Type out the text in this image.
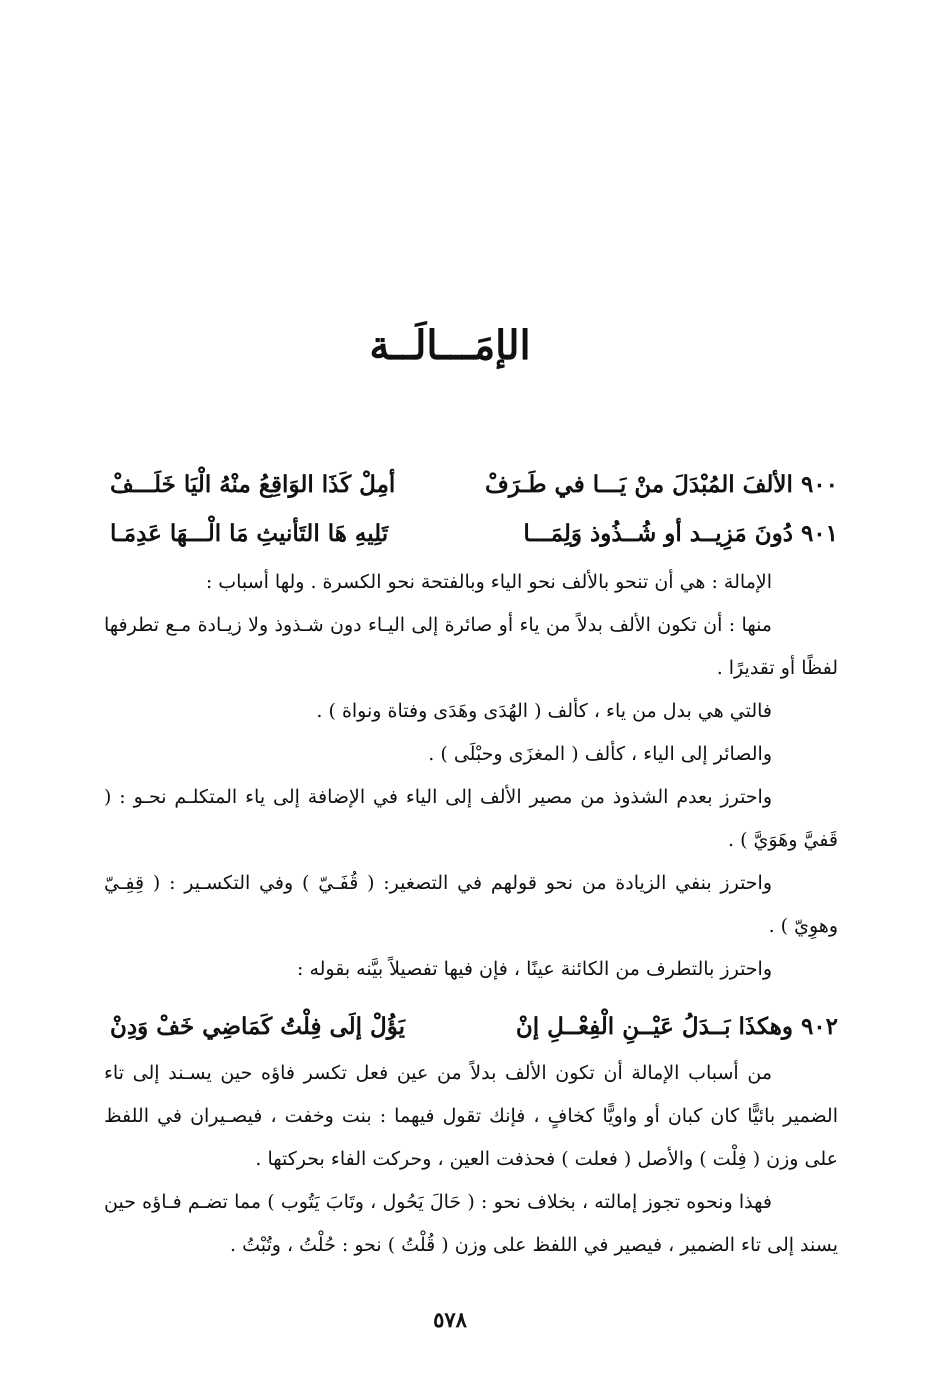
الإمَـــالَــة
٩٠٠
الألفَ المُبْدَلَ منْ يَـــا في طَـرَفْ
أمِلْ كَذَا الوَاقِعُ منْهُ الْيَا خَلَـــفْ
٩٠١
دُونَ مَزِيــد أو شُــذُوذ وَلِمَـــا
تَلِيهِ هَا التَأنيثِ مَا الْـــهَا عَدِمَـا

الإمالة : هي أن تنحو بالألف نحو الياء وبالفتحة نحو الكسرة . ولها أسباب :

منها : أن تكون الألف بدلاً من ياء أو صائرة إلى اليـاء دون شـذوذ ولا زيـادة مـع تطرفها لفظًا أو تقديرًا .

فالتي هي بدل من ياء ، كألف ( الهُدَى وهَدَى وفتاة ونواة ) .

والصائر إلى الياء ، كألف ( المغزَى وحبْلَى ) .

واحترز بعدم الشذوذ من مصير الألف إلى الياء في الإضافة إلى ياء المتكلـم نحـو : ( قَفيَّ وهَوَيَّ ) .

واحترز بنفي الزيادة من نحو قولهم في التصغير: ( قُفَـيّ ) وفي التكسـير : ( قِفِـيّ وهوِيّ ) .

واحترز بالتطرف من الكائنة عينًا ، فإن فيها تفصيلاً بيَّنه بقوله :

٩٠٢
وهكذَا بَــدَلُ عَيْــنِ الْفِعْــلِ إنْ
يَؤُلْ إلَى فِلْتُ كَمَاضِي خَفْ وَدِنْ

من أسباب الإمالة أن تكون الألف بدلاً من عين فعل تكسر فاؤه حين يسـند إلى تاء الضمير بائيًّا كان كبان أو واويًّا كخافٍ ، فإنك تقول فيهما : بنت وخفت ، فيصـيران في اللفظ على وزن ( فِلْت ) والأصل ( فعلت ) فحذفت العين ، وحركت الفاء بحركتها .

فهذا ونحوه تجوز إمالته ، بخلاف نحو : ( حَالَ يَحُول ، وتَابَ يَتُوب ) مما تضـم فـاؤه حين يسند إلى تاء الضمير ، فيصير في اللفظ على وزن ( قُلْتُ ) نحو : حُلْتُ ، وتُبْتُ .

٥٧٨
